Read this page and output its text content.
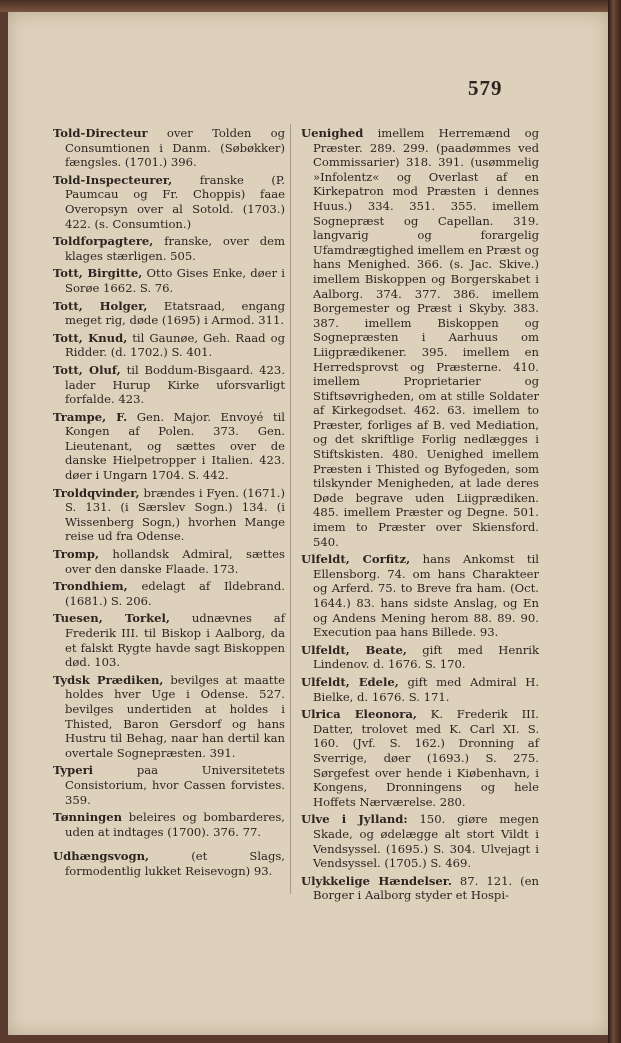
579

Told-Directeur over Tolden og Consumtionen i Danm. (Søbøkker) fængsles. (1701.) 396.

Told-Inspecteurer, franske (P. Paumcau og Fr. Choppis) faae Overopsyn over al Sotold. (1703.) 422. (s. Consumtion.)

Toldforpagtere, franske, over dem klages stærligen. 505.

Tott, Birgitte, Otto Gises Enke, døer i Sorøe 1662. S. 76.

Tott, Holger, Etatsraad, engang meget rig, døde (1695) i Armod. 311.

Tott, Knud, til Gaunøe, Geh. Raad og Ridder. (d. 1702.) S. 401.

Tott, Oluf, til Boddum-Bisgaard. 423. lader Hurup Kirke uforsvarligt forfalde. 423.

Trampe, F. Gen. Major. Envoyé til Kongen af Polen. 373. Gen. Lieutenant, og sættes over de danske Hielpetropper i Italien. 423. døer i Ungarn 1704. S. 442.

Troldqvinder, brændes i Fyen. (1671.) S. 131. (i Særslev Sogn.) 134. (i Wissenberg Sogn,) hvorhen Mange reise ud fra Odense.

Tromp, hollandsk Admiral, sættes over den danske Flaade. 173.

Trondhiem, edelagt af Ildebrand. (1681.) S. 206.

Tuesen, Torkel, udnævnes af Frederik III. til Biskop i Aalborg, da et falskt Rygte havde sagt Biskoppen død. 103.

Tydsk Prædiken, bevilges at maatte holdes hver Uge i Odense. 527. bevilges undertiden at holdes i Thisted, Baron Gersdorf og hans Hustru til Behag, naar han dertil kan overtale Sognepræsten. 391.

Typeri	paa Universitetets Consistorium, hvor Cassen forvistes. 359.

Tønningen beleires og bombarderes, uden at indtages (1700). 376. 77.

Udhængsvogn,	(et Slags, formodentlig lukket Reisevogn) 93.

Uenighed imellem Herremænd og Præster. 289. 299. (paadømmes ved Commissarier) 318. 391. (usømmelig »Infolentz« og Overlast af en Kirkepatron mod Præsten i dennes Huus.) 334. 351. 355. imellem Sognepræst og Capellan. 319. langvarig og forargelig Ufamdrægtighed imellem en Præst og hans Menighed. 366. (s. Jac. Skive.) imellem Biskoppen og Borgerskabet i Aalborg. 374. 377. 386. imellem Borgemester og Præst i Skyby. 383. 387. imellem Biskoppen og Sognepræsten i Aarhuus om Liigprædikener. 395. imellem en Herredsprovst og Præsterne. 410. imellem Proprietarier og Stiftsøvrigheden, om at stille Soldater af Kirkegodset. 462. 63. imellem to Præster, forliges af B. ved Mediation, og det skriftlige Forlig nedlægges i Stiftskisten. 480. Uenighed imellem Præsten i Thisted og Byfogeden, som tilskynder Menigheden, at lade deres Døde begrave uden Liigprædiken. 485. imellem Præster og Degne. 501. imem to Præster over Skiensford. 540.

Ulfeldt, Corfitz, hans Ankomst til Ellensborg. 74. om hans Charakteer og Arferd. 75. to Breve fra ham. (Oct. 1644.) 83. hans sidste Anslag, og En og Andens Mening herom 88. 89. 90. Execution paa hans Billede. 93.

Ulfeldt, Beate, gift med Henrik Lindenov. d. 1676. S. 170.

Ulfeldt, Edele, gift med Admiral H. Bielke, d. 1676. S. 171.

Ulrica Eleonora, K. Frederik III. Datter, trolovet med K. Carl XI. S. 160. (Jvf. S. 162.) Dronning af Sverrige, døer (1693.) S. 275. Sørgefest over hende i Kiøbenhavn, i Kongens, Dronningens og hele Hoffets Nærværelse. 280.

Ulve i Jylland: 150. giøre megen Skade, og ødelægge alt stort Vildt i Vendsyssel. (1695.) S. 304. Ulvejagt i Vendsyssel. (1705.) S. 469.

Ulykkelige Hændelser. 87. 121. (en Borger i Aalborg styder et Hospi-
